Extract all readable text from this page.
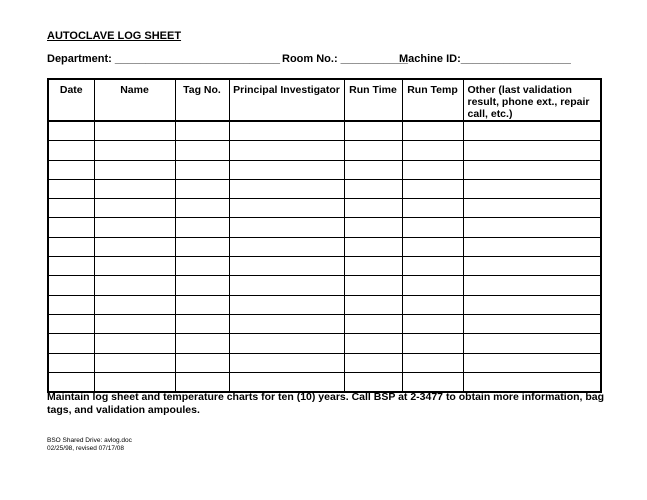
AUTOCLAVE LOG SHEET
Department: ___________________________ Room No.: ___________
Machine ID:__________________
Date	Name	Tag No.	Principal Investigator	Run Time	Run Temp	Other (last validation result, phone ext., repair call, etc.)

Maintain log sheet and temperature charts for ten (10) years. Call BSP at 2-3477 to obtain more information, bag tags, and validation ampoules.
BSO Shared Drive: avlog.doc
02/25/98, revised 07/17/08
